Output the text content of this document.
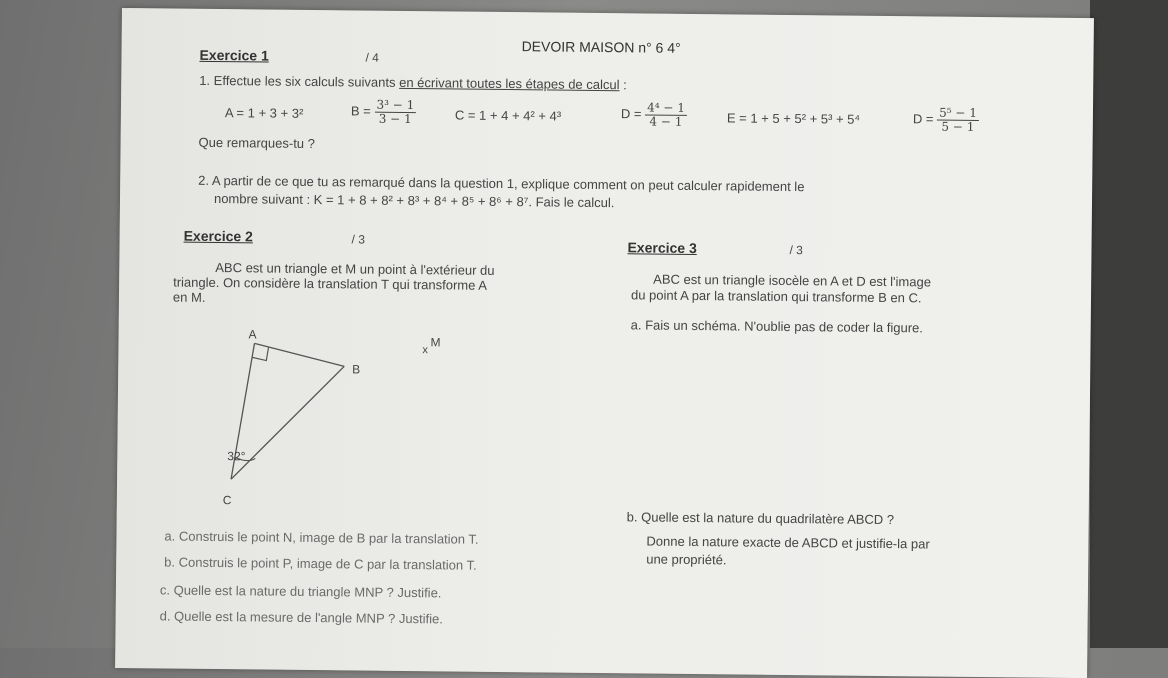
DEVOIR MAISON n° 6 4°
Exercice 1	/ 4
1. Effectue les six calculs suivants en écrivant toutes les étapes de calcul :
A = 1 + 3 + 3²	$B = \frac{\text{3³ − 1}}{3 - 1}$	C = 1 + 4 + 4² + 4³	$D = \frac{\text{4⁴ − 1}}{4 - 1}$	E = 1 + 5 + 5² + 5³ + 5⁴	$D = \frac{\text{5⁵ − 1}}{5 - 1}$
Que remarques-tu ?
2. A partir de ce que tu as remarqué dans la question 1, explique comment on peut calculer rapidement le
nombre suivant : K = 1 + 8 + 8² + 8³ + 8⁴ + 8⁵ + 8⁶ + 8⁷. Fais le calcul.
Exercice 2	/ 3
ABC est un triangle et M un point à l'extérieur du
triangle. On considère la translation T qui transforme A
en M.
A
B
C
32°
M
x
a. Construis le point N, image de B par la translation T.
b. Construis le point P, image de C par la translation T.
c. Quelle est la nature du triangle MNP ? Justifie.
d. Quelle est la mesure de l'angle MNP ? Justifie.
Exercice 3	/ 3
ABC est un triangle isocèle en A et D est l'image
du point A par la translation qui transforme B en C.
a. Fais un schéma. N'oublie pas de coder la figure.
b. Quelle est la nature du quadrilatère ABCD ?
Donne la nature exacte de ABCD et justifie-la par
une propriété.
